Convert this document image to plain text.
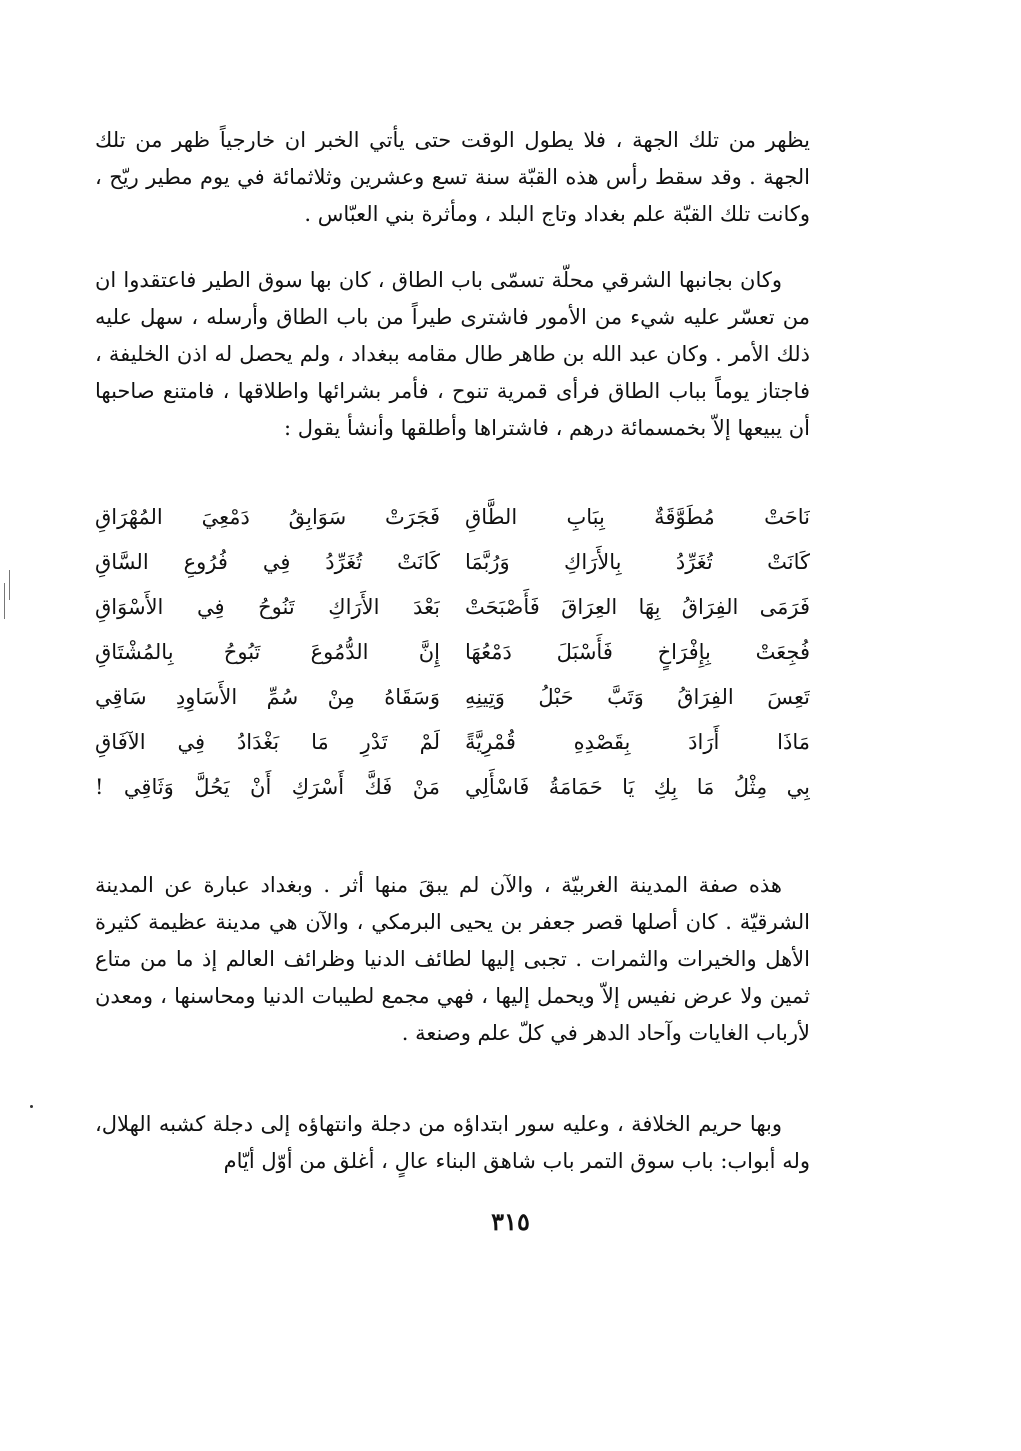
يظهر من تلك الجهة ، فلا يطول الوقت حتى يأتي الخبر ان خارجياً ظهر من تلك الجهة . وقد سقط رأس هذه القبّة سنة تسع وعشرين وثلاثمائة في يوم مطير ريّح ، وكانت تلك القبّة علم بغداد وتاج البلد ، ومأثرة بني العبّاس .

وكان بجانبها الشرقي محلّة تسمّى باب الطاق ، كان بها سوق الطير فاعتقدوا ان من تعسّر عليه شيء من الأمور فاشترى طيراً من باب الطاق وأرسله ، سهل عليه ذلك الأمر . وكان عبد الله بن طاهر طال مقامه ببغداد ، ولم يحصل له اذن الخليفة ، فاجتاز يوماً بباب الطاق فرأى قمرية تنوح ، فأمر بشرائها واطلاقها ، فامتنع صاحبها أن يبيعها إلاّ بخمسمائة درهم ، فاشتراها وأطلقها وأنشأ يقول :

نَاحَتْ مُطَوَّقَةٌ بِبَابِ الطَّاقِ
فَجَرَتْ سَوَابِقُ دَمْعِيَ المُهْرَاقِ
كَانَتْ تُغَرِّدُ بِالأَرَاكِ وَرُبَّمَا
كَانَتْ تُغَرِّدُ فِي فُرُوعِ السَّاقِ
فَرَمَى الفِرَاقُ بِهَا العِرَاقَ فَأَصْبَحَتْ
بَعْدَ الأَرَاكِ تَنُوحُ فِي الأَسْوَاقِ
فُجِعَتْ بِإِفْرَاخٍ فَأَسْبَلَ دَمْعُهَا
إِنَّ الدُّمُوعَ تَبُوحُ بِالمُشْتَاقِ
تَعِسَ الفِرَاقُ وَتَبَّ حَبْلُ وَتِينِهِ
وَسَقَاهُ مِنْ سُمِّ الأَسَاوِدِ سَاقِي
مَاذَا أَرَادَ بِقَصْدِهِ قُمْرِيَّةً
لَمْ تَدْرِ مَا بَغْدَادُ فِي الآفَاقِ
بِي مِثْلُ مَا بِكِ يَا حَمَامَةُ فَاسْأَلِي
مَنْ فَكَّ أَسْرَكِ أَنْ يَحُلَّ وَثَاقِي !

هذه صفة المدينة الغربيّة ، والآن لم يبقَ منها أثر . وبغداد عبارة عن المدينة الشرقيّة . كان أصلها قصر جعفر بن يحيى البرمكي ، والآن هي مدينة عظيمة كثيرة الأهل والخيرات والثمرات . تجبى إليها لطائف الدنيا وظرائف العالم إذ ما من متاع ثمين ولا عرض نفيس إلاّ ويحمل إليها ، فهي مجمع لطيبات الدنيا ومحاسنها ، ومعدن لأرباب الغايات وآحاد الدهر في كلّ علم وصنعة .

وبها حريم الخلافة ، وعليه سور ابتداؤه من دجلة وانتهاؤه إلى دجلة كشبه الهلال، وله أبواب: باب سوق التمر باب شاهق البناء عالٍ ، أغلق من أوّل أيّام

٣١٥
